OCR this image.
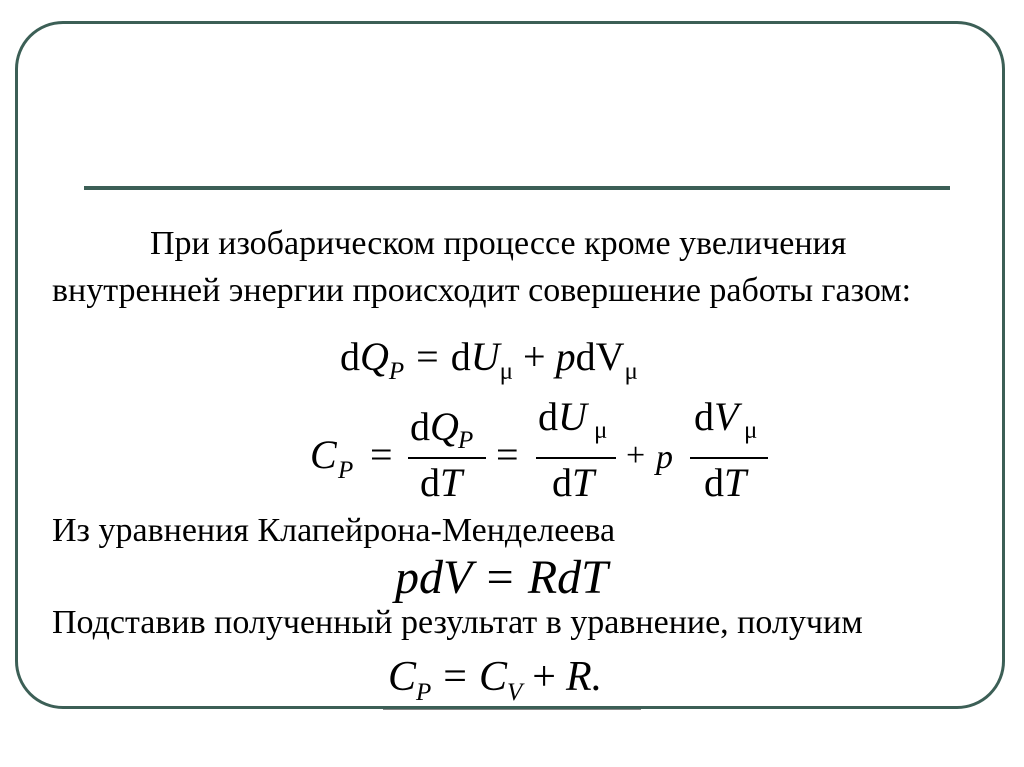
При изобарическом процессе кроме увеличения внутренней энергии происходит совершение работы газом:

$dQ_P = dU_\mu + pdV_\mu$
C P =
dQ P
dT
=
dU μ
dT
+ p
dV μ
dT

Из уравнения Клапейрона-Менделеева

pdV = RdT

Подставив полученный результат в уравнение, получим

$C_P = C_V + R$.
